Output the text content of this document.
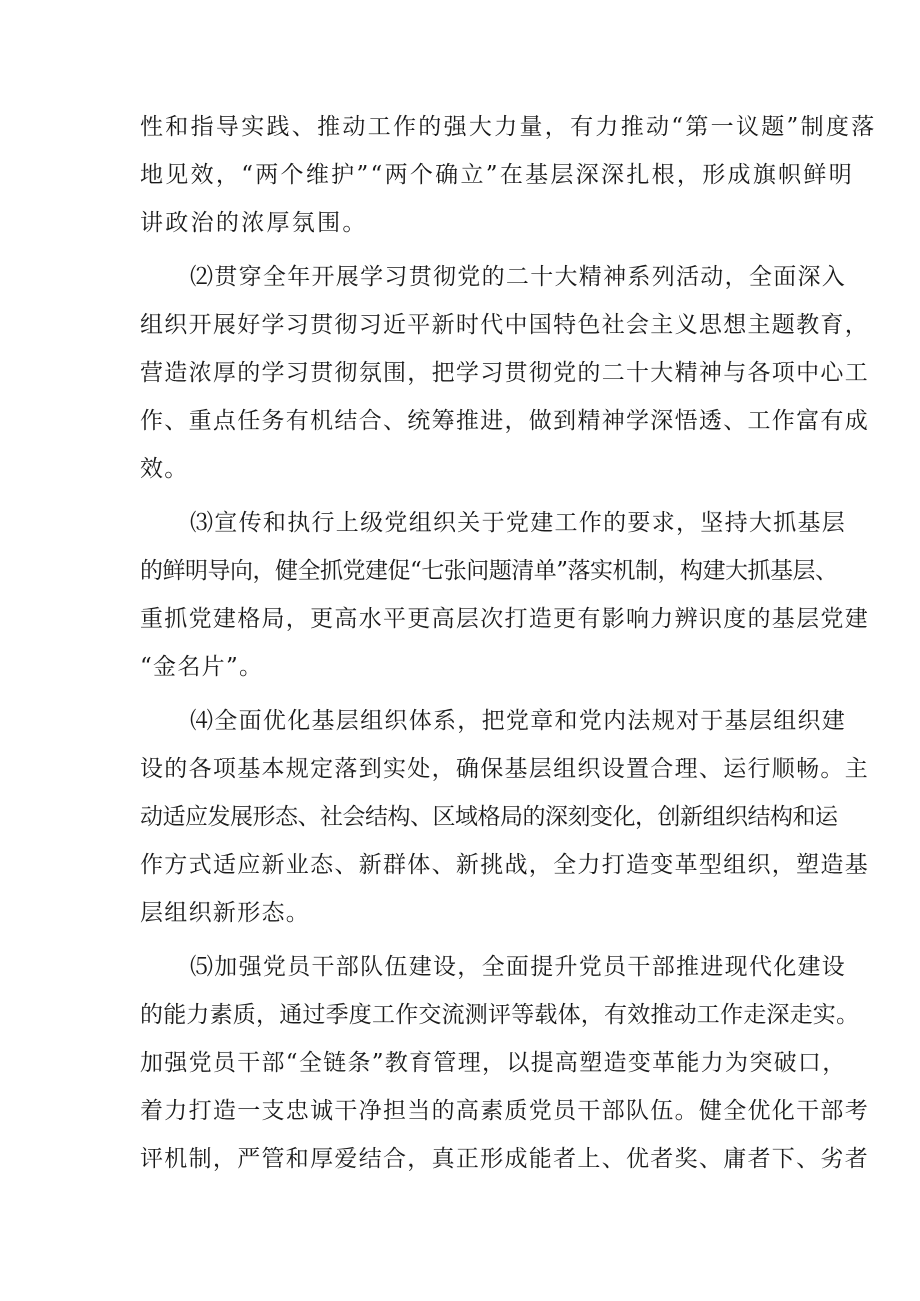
性和指导实践、推动工作的强大力量，有力推动“第一议题”制度落
地见效，“两个维护”“两个确立”在基层深深扎根，形成旗帜鲜明
讲政治的浓厚氛围。
⑵贯穿全年开展学习贯彻党的二十大精神系列活动，全面深入
组织开展好学习贯彻习近平新时代中国特色社会主义思想主题教育，
营造浓厚的学习贯彻氛围，把学习贯彻党的二十大精神与各项中心工
作、重点任务有机结合、统筹推进，做到精神学深悟透、工作富有成
效。
⑶宣传和执行上级党组织关于党建工作的要求，坚持大抓基层
的鲜明导向，健全抓党建促“七张问题清单”落实机制，构建大抓基层、
重抓党建格局，更高水平更高层次打造更有影响力辨识度的基层党建
“金名片”。
⑷全面优化基层组织体系，把党章和党内法规对于基层组织建
设的各项基本规定落到实处，确保基层组织设置合理、运行顺畅。主
动适应发展形态、社会结构、区域格局的深刻变化，创新组织结构和运
作方式适应新业态、新群体、新挑战，全力打造变革型组织，塑造基
层组织新形态。
⑸加强党员干部队伍建设，全面提升党员干部推进现代化建设
的能力素质，通过季度工作交流测评等载体，有效推动工作走深走实。
加强党员干部“全链条”教育管理，以提高塑造变革能力为突破口，
着力打造一支忠诚干净担当的高素质党员干部队伍。健全优化干部考
评机制，严管和厚爱结合，真正形成能者上、优者奖、庸者下、劣者
